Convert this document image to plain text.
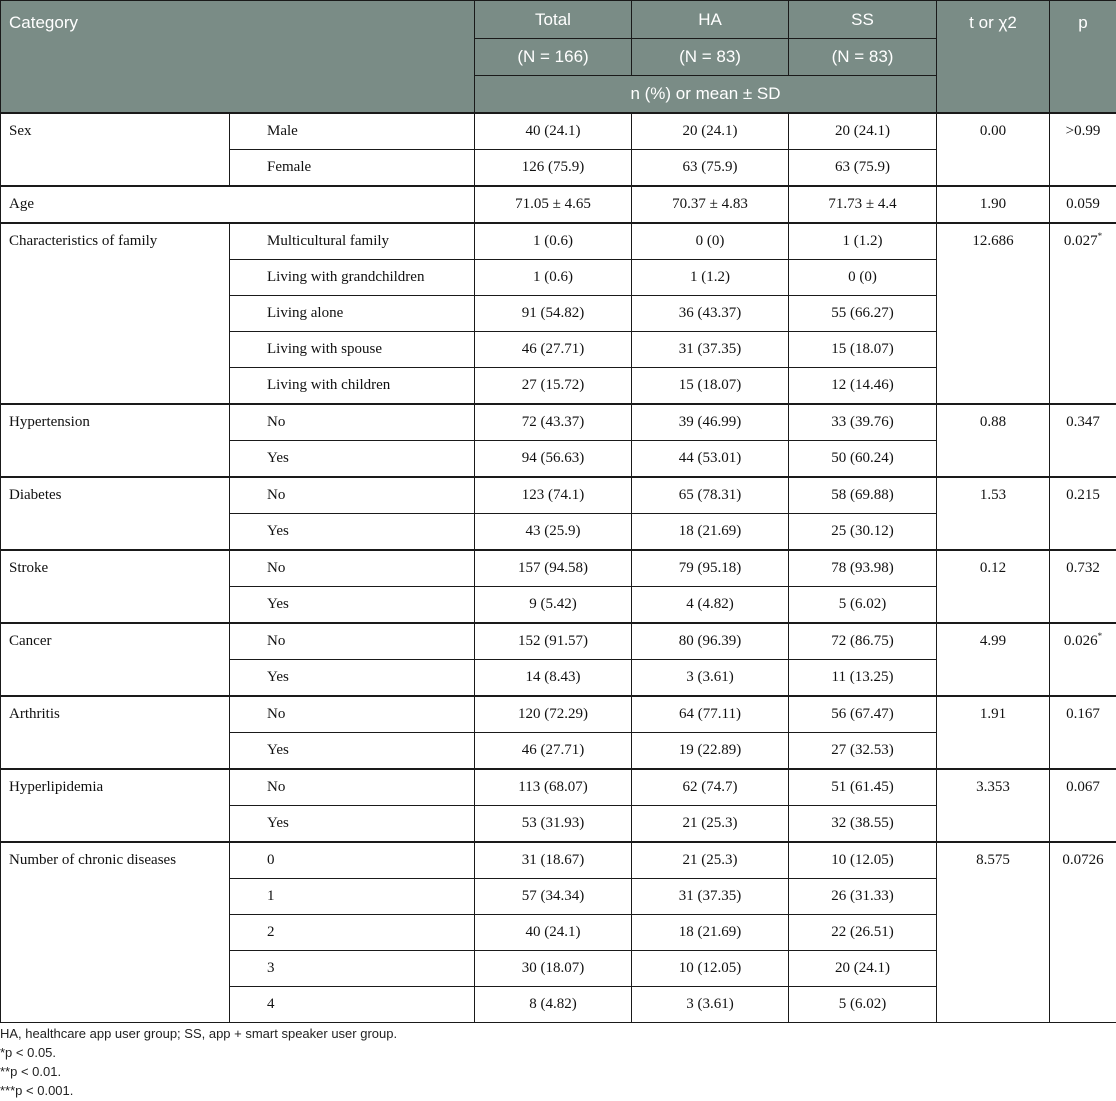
Category		Total	HA	SS	t or χ2	p
		(N = 166)	(N = 83)	(N = 83)		
		n (%) or mean ± SD				
Sex	Male	40 (24.1)	20 (24.1)	20 (24.1)	0.00	>0.99
	Female	126 (75.9)	63 (75.9)	63 (75.9)		
Age		71.05 ± 4.65	70.37 ± 4.83	71.73 ± 4.4	1.90	0.059
Characteristics of family	Multicultural family	1 (0.6)	0 (0)	1 (1.2)	12.686	0.027*
	Living with grandchildren	1 (0.6)	1 (1.2)	0 (0)		
	Living alone	91 (54.82)	36 (43.37)	55 (66.27)		
	Living with spouse	46 (27.71)	31 (37.35)	15 (18.07)		
	Living with children	27 (15.72)	15 (18.07)	12 (14.46)		
Hypertension	No	72 (43.37)	39 (46.99)	33 (39.76)	0.88	0.347
	Yes	94 (56.63)	44 (53.01)	50 (60.24)		
Diabetes	No	123 (74.1)	65 (78.31)	58 (69.88)	1.53	0.215
	Yes	43 (25.9)	18 (21.69)	25 (30.12)		
Stroke	No	157 (94.58)	79 (95.18)	78 (93.98)	0.12	0.732
	Yes	9 (5.42)	4 (4.82)	5 (6.02)		
Cancer	No	152 (91.57)	80 (96.39)	72 (86.75)	4.99	0.026*
	Yes	14 (8.43)	3 (3.61)	11 (13.25)		
Arthritis	No	120 (72.29)	64 (77.11)	56 (67.47)	1.91	0.167
	Yes	46 (27.71)	19 (22.89)	27 (32.53)		
Hyperlipidemia	No	113 (68.07)	62 (74.7)	51 (61.45)	3.353	0.067
	Yes	53 (31.93)	21 (25.3)	32 (38.55)		
Number of chronic diseases	0	31 (18.67)	21 (25.3)	10 (12.05)	8.575	0.0726
	1	57 (34.34)	31 (37.35)	26 (31.33)		
	2	40 (24.1)	18 (21.69)	22 (26.51)		
	3	30 (18.07)	10 (12.05)	20 (24.1)		
	4	8 (4.82)	3 (3.61)	5 (6.02)		
HA, healthcare app user group; SS, app + smart speaker user group.
*p < 0.05.
**p < 0.01.
***p < 0.001.
